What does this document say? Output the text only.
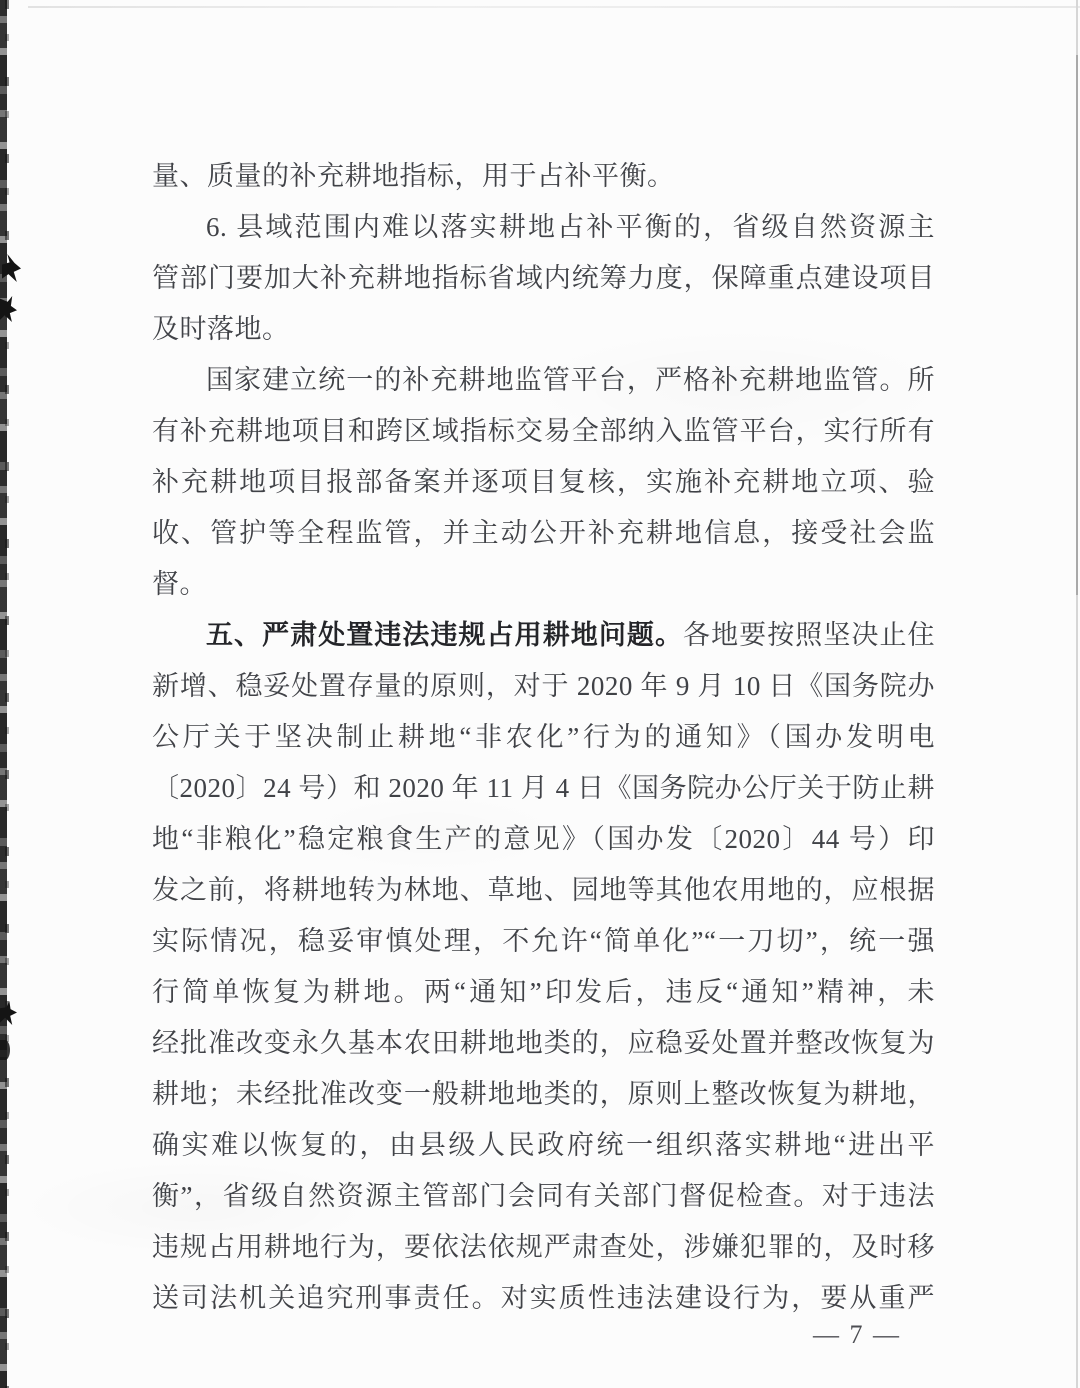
量、质量的补充耕地指标，用于占补平衡。
6. 县域范围内难以落实耕地占补平衡的，省级自然资源主
管部门要加大补充耕地指标省域内统筹力度，保障重点建设项目
及时落地。
国家建立统一的补充耕地监管平台，严格补充耕地监管。所
有补充耕地项目和跨区域指标交易全部纳入监管平台，实行所有
补充耕地项目报部备案并逐项目复核，实施补充耕地立项、验
收、管护等全程监管，并主动公开补充耕地信息，接受社会监
督。
五、严肃处置违法违规占用耕地问题。各地要按照坚决止住
新增、稳妥处置存量的原则，对于 2020 年 9 月 10 日《国务院办
公厅关于坚决制止耕地“非农化”行为的通知》（国办发明电
〔2020〕24 号）和 2020 年 11 月 4 日《国务院办公厅关于防止耕
地“非粮化”稳定粮食生产的意见》（国办发〔2020〕44 号）印
发之前，将耕地转为林地、草地、园地等其他农用地的，应根据
实际情况，稳妥审慎处理，不允许“简单化”“一刀切”，统一强
行简单恢复为耕地。两“通知”印发后，违反“通知”精神，未
经批准改变永久基本农田耕地地类的，应稳妥处置并整改恢复为
耕地；未经批准改变一般耕地地类的，原则上整改恢复为耕地，
确实难以恢复的，由县级人民政府统一组织落实耕地“进出平
衡”，省级自然资源主管部门会同有关部门督促检查。对于违法
违规占用耕地行为，要依法依规严肃查处，涉嫌犯罪的，及时移
送司法机关追究刑事责任。对实质性违法建设行为，要从重严
— 7 —
